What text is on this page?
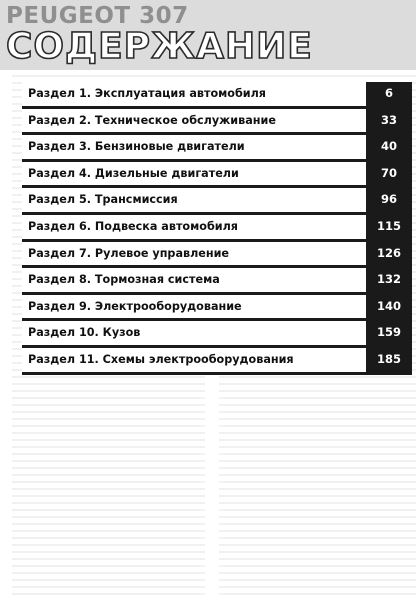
PEUGEOT 307
СОДЕРЖАНИЕ
Раздел 1. Эксплуатация автомобиля	6
Раздел 2. Техническое обслуживание	33
Раздел 3. Бензиновые двигатели	40
Раздел 4. Дизельные двигатели	70
Раздел 5. Трансмиссия	96
Раздел 6. Подвеска автомобиля	115
Раздел 7. Рулевое управление	126
Раздел 8. Тормозная система	132
Раздел 9. Электрооборудование	140
Раздел 10. Кузов	159
Раздел 11. Схемы электрооборудования	185
